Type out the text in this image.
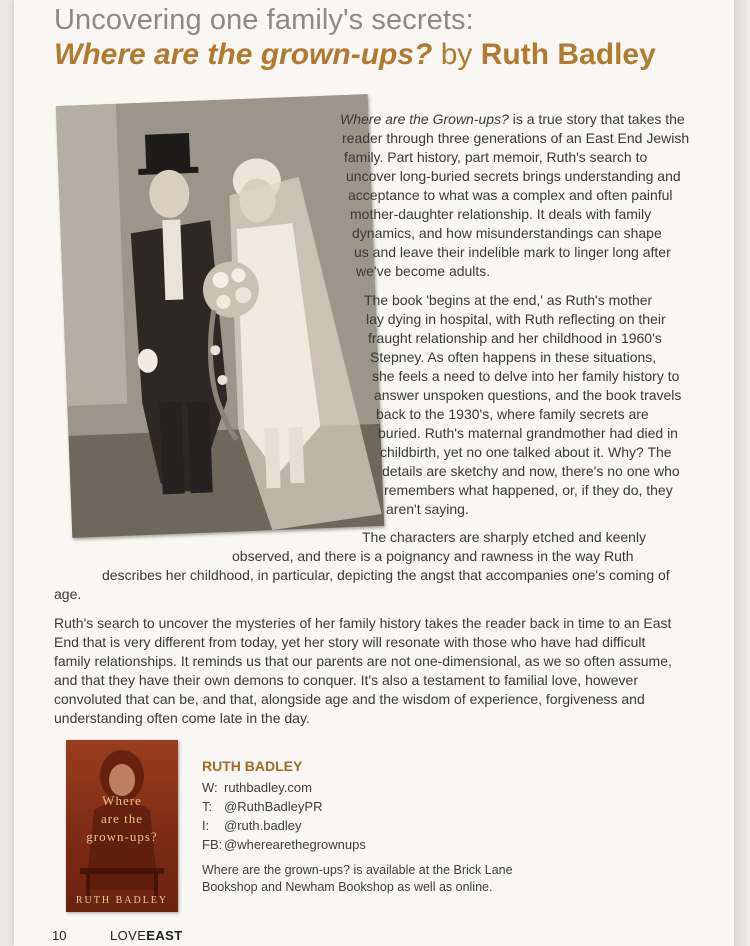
Uncovering one family's secrets:
Where are the grown-ups? by Ruth Badley
Where are the Grown-ups? is a true story that takes the
reader through three generations of an East End Jewish
family. Part history, part memoir, Ruth's search to
uncover long-buried secrets brings understanding and
acceptance to what was a complex and often painful
mother-daughter relationship. It deals with family
dynamics, and how misunderstandings can shape
us and leave their indelible mark to linger long after
we've become adults.
The book 'begins at the end,' as Ruth's mother
lay dying in hospital, with Ruth reflecting on their
fraught relationship and her childhood in 1960's
Stepney. As often happens in these situations,
she feels a need to delve into her family history to
answer unspoken questions, and the book travels
back to the 1930's, where family secrets are
buried. Ruth's maternal grandmother had died in
childbirth, yet no one talked about it. Why? The
details are sketchy and now, there's no one who
remembers what happened, or, if they do, they
aren't saying.
The characters are sharply etched and keenly
observed, and there is a poignancy and rawness in the way Ruth
describes her childhood, in particular, depicting the angst that accompanies one's coming of
age.
Ruth's search to uncover the mysteries of her family history takes the reader back in time to an East
End that is very different from today, yet her story will resonate with those who have had difficult
family relationships. It reminds us that our parents are not one-dimensional, as we so often assume,
and that they have their own demons to conquer. It's also a testament to familial love, however
convoluted that can be, and that, alongside age and the wisdom of experience, forgiveness and
understanding often come late in the day.
Where
are the
grown-ups?
RUTH BADLEY
RUTH BADLEY
W: ruthbadley.com
T: @RuthBadleyPR
I: @ruth.badley
FB: @wherearethegrownups
Where are the grown-ups? is available at the Brick Lane
Bookshop and Newham Bookshop as well as online.
10	LOVEEAST
